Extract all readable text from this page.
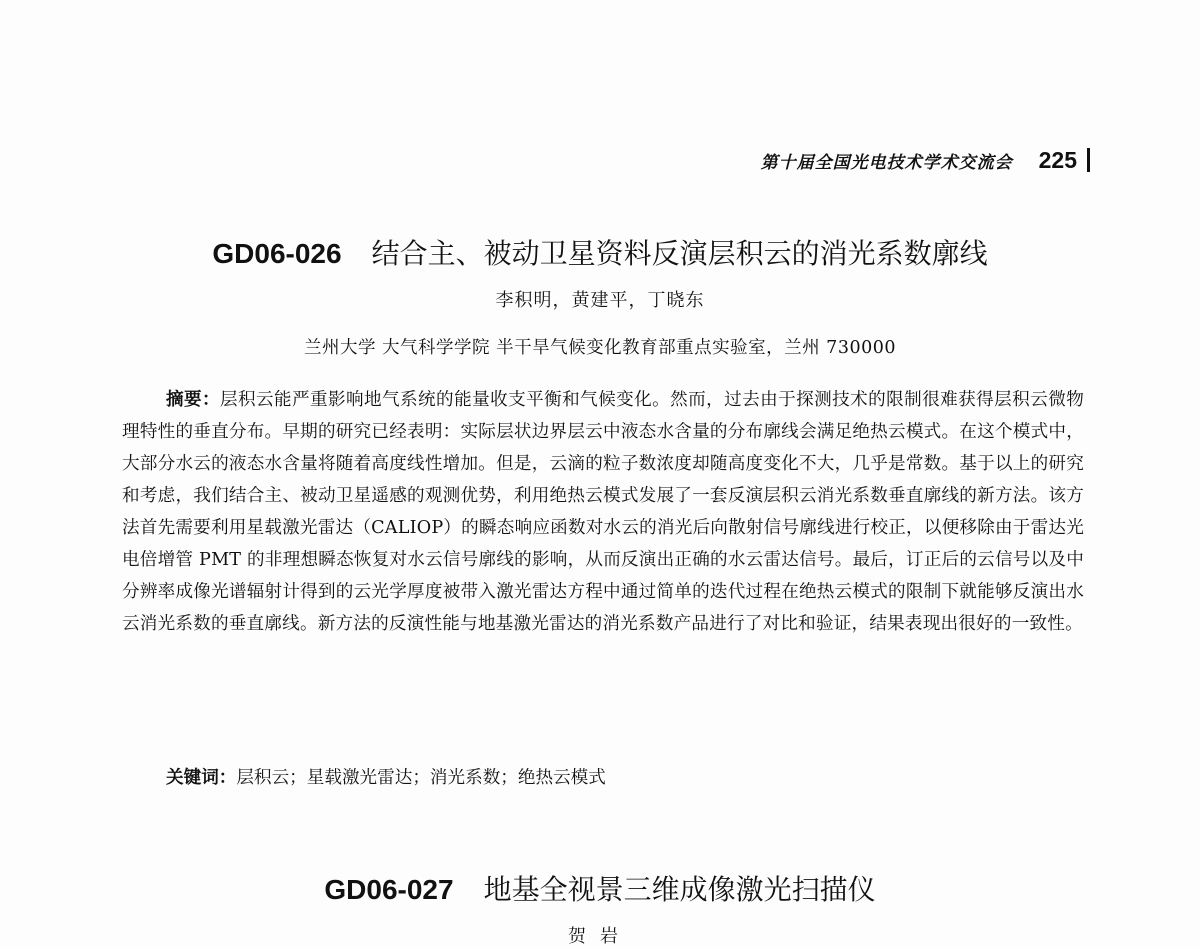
第十届全国光电技术学术交流会 225
GD06-026 结合主、被动卫星资料反演层积云的消光系数廓线
李积明，黄建平，丁晓东
兰州大学 大气科学学院 半干旱气候变化教育部重点实验室，兰州 730000
摘要：层积云能严重影响地气系统的能量收支平衡和气候变化。然而，过去由于探测技术的限制很难获得层积云微物理特性的垂直分布。早期的研究已经表明：实际层状边界层云中液态水含量的分布廓线会满足绝热云模式。在这个模式中，大部分水云的液态水含量将随着高度线性增加。但是，云滴的粒子数浓度却随高度变化不大，几乎是常数。基于以上的研究和考虑，我们结合主、被动卫星遥感的观测优势，利用绝热云模式发展了一套反演层积云消光系数垂直廓线的新方法。该方法首先需要利用星载激光雷达（CALIOP）的瞬态响应函数对水云的消光后向散射信号廓线进行校正，以便移除由于雷达光电倍增管 PMT 的非理想瞬态恢复对水云信号廓线的影响，从而反演出正确的水云雷达信号。最后，订正后的云信号以及中分辨率成像光谱辐射计得到的云光学厚度被带入激光雷达方程中通过简单的迭代过程在绝热云模式的限制下就能够反演出水云消光系数的垂直廓线。新方法的反演性能与地基激光雷达的消光系数产品进行了对比和验证，结果表现出很好的一致性。
关键词：层积云；星载激光雷达；消光系数；绝热云模式
GD06-027 地基全视景三维成像激光扫描仪
贺岩
